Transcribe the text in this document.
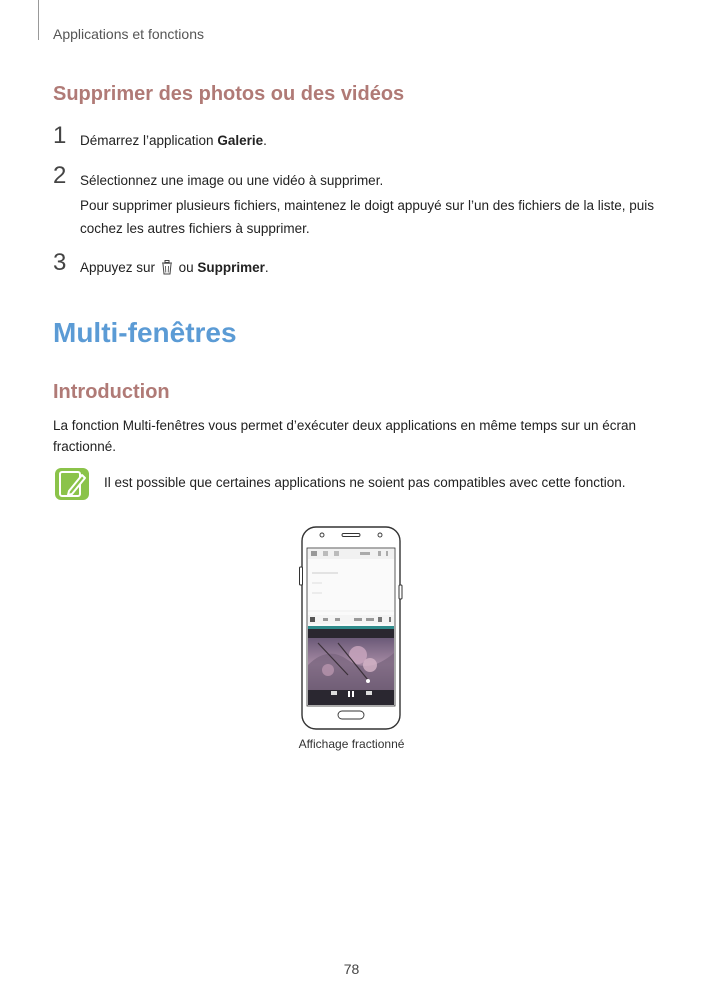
Applications et fonctions
Supprimer des photos ou des vidéos
1 Démarrez l’application Galerie.
2 Sélectionnez une image ou une vidéo à supprimer.
Pour supprimer plusieurs fichiers, maintenez le doigt appuyé sur l’un des fichiers de la liste, puis
cochez les autres fichiers à supprimer.
3 Appuyez sur ou Supprimer.
Multi-fenêtres
Introduction
La fonction Multi-fenêtres vous permet d’exécuter deux applications en même temps sur un écran
fractionné.
Il est possible que certaines applications ne soient pas compatibles avec cette fonction.
Affichage fractionné
78
